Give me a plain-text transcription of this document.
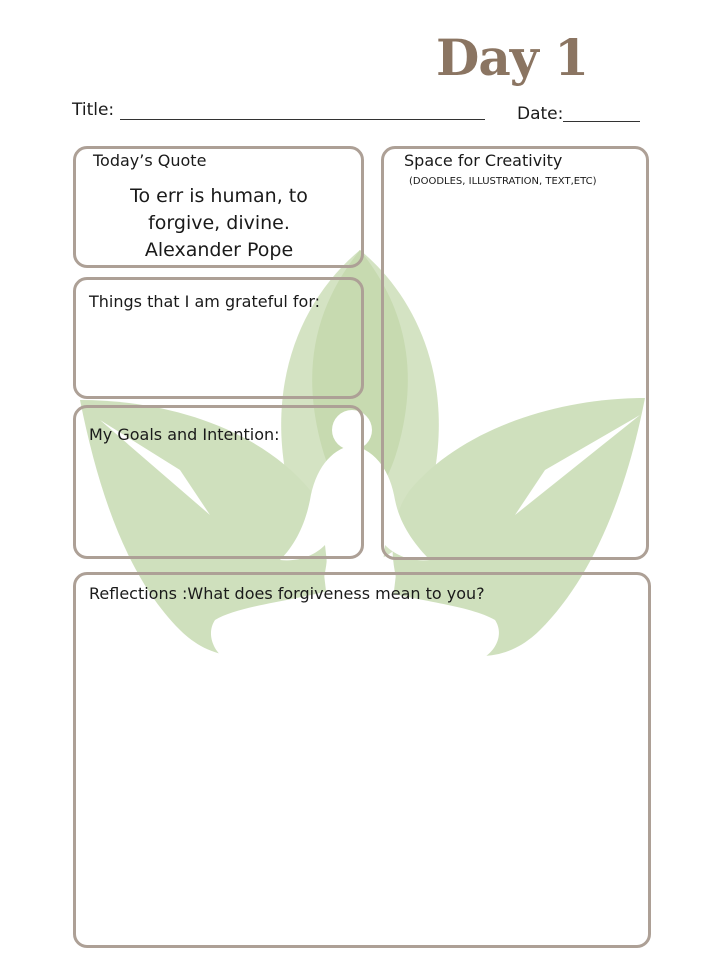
Day 1
Title:	Date:
Today’s Quote
To err is human, to
forgive, divine.
Alexander Pope
Things that I am grateful for:
My Goals and Intention:
Space for Creativity
(DOODLES, ILLUSTRATION, TEXT,ETC)
Reflections :What does forgiveness mean to you?
